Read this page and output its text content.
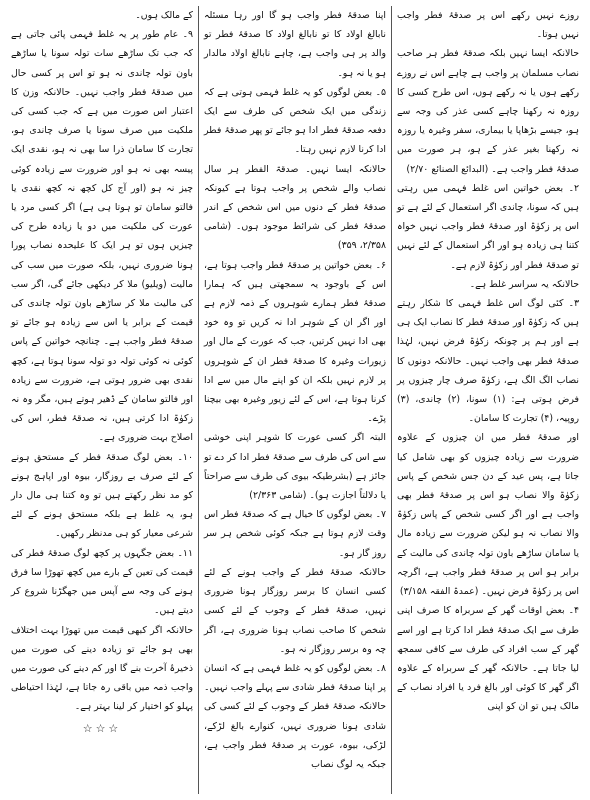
روزے نہیں رکھے اس پر صدقۂ فطر واجب نہیں ہوتا۔

حالانکہ ایسا نہیں بلکہ صدقۂ فطر ہر صاحب نصاب مسلمان پر واجب ہے چاہے اس نے روزے رکھے ہوں یا نہ رکھے ہوں، اس طرح کسی کا روزہ نہ رکھنا چاہے کسی عذر کی وجہ سے ہو، جیسے بڑھاپا یا بیماری، سفر وغیرہ یا روزہ نہ رکھنا بغیر عذر کے ہو، ہر صورت میں صدقۂ فطر واجب ہے۔ (البدائع الصنائع ۲/۷۰)

۲۔ بعض خواتین اس غلط فہمی میں رہتی ہیں کہ سونا، چاندی اگر استعمال کے لئے ہے تو اس پر زکوٰۃ اور صدقۂ فطر واجب نہیں خواہ کتنا ہی زیادہ ہو اور اگر استعمال کے لئے نہیں تو صدقۂ فطر اور زکوٰۃ لازم ہے۔

حالانکہ یہ سراسر غلط ہے۔

۳۔ کئی لوگ اس غلط فہمی کا شکار رہتے ہیں کہ زکوٰۃ اور صدقۂ فطر کا نصاب ایک ہی ہے اور ہم پر چونکہ زکوٰۃ فرض نہیں، لہٰذا صدقۂ فطر بھی واجب نہیں۔ حالانکہ دونوں کا نصاب الگ الگ ہے، زکوٰۃ صرف چار چیزوں پر فرض ہوتی ہے: (۱) سونا، (۲) چاندی، (۳) روپیہ، (۴) تجارت کا سامان۔

اور صدقۂ فطر میں ان چیزوں کے علاوہ ضرورت سے زیادہ چیزوں کو بھی شامل کیا جاتا ہے، پس عید کے دن جس شخص کے پاس زکوٰۃ والا نصاب ہو اس پر صدقۂ فطر بھی واجب ہے اور اگر کسی شخص کے پاس زکوٰۃ والا نصاب نہ ہو لیکن ضرورت سے زیادہ مال یا سامان ساڑھے باون تولہ چاندی کی مالیت کے برابر ہو اس پر صدقۂ فطر واجب ہے، اگرچہ اس پر زکوٰۃ فرض نہیں۔ (عمدۃ الفقہ ۳/۱۵۸)

۴۔ بعض اوقات گھر کے سربراہ کا صرف اپنی طرف سے ایک صدقۂ فطر ادا کرتا ہے اور اسے گھر کے سب افراد کی طرف سے کافی سمجھ لیا جاتا ہے۔ حالانکہ گھر کے سربراہ کے علاوہ اگر گھر کا کوئی اور بالغ فرد یا افراد نصاب کے مالک ہیں تو ان کو اپنی

اپنا صدقۂ فطر واجب ہو گا اور رہا مسئلہ نابالغ اولاد کا تو نابالغ اولاد کا صدقۂ فطر تو والد پر ہی واجب ہے، چاہے نابالغ اولاد مالدار ہو یا نہ ہو۔

۵۔ بعض لوگوں کو یہ غلط فہمی ہوتی ہے کہ زندگی میں ایک شخص کی طرف سے ایک دفعہ صدقۂ فطر ادا ہو جائے تو پھر صدقۂ فطر ادا کرنا لازم نہیں رہتا۔

حالانکہ ایسا نہیں۔ صدقۃ الفطر ہر سال نصاب والے شخص پر واجب ہوتا ہے کیونکہ صدقۂ فطر کے دنوں میں اس شخص کے اندر صدقۂ فطر کی شرائط موجود ہوں۔ (شامی ۲/۳۵۸، ۳۵۹)

۶۔ بعض خواتین پر صدقۂ فطر واجب ہوتا ہے، اس کے باوجود یہ سمجھتی ہیں کہ ہمارا صدقۂ فطر ہمارے شوہروں کے ذمہ لازم ہے اور اگر ان کے شوہر ادا نہ کریں تو وہ خود بھی ادا نہیں کرتیں، جب کہ عورت کے مال اور زیورات وغیرہ کا صدقۂ فطر ان کے شوہروں پر لازم نہیں بلکہ ان کو اپنے مال میں سے ادا کرنا ہوتا ہے، اس کے لئے زیور وغیرہ بھی بیچنا پڑے۔

البتہ اگر کسی عورت کا شوہر اپنی خوشی سے اس کی طرف سے صدقۂ فطر ادا کر دے تو جائز ہے (بشرطیکہ بیوی کی طرف سے صراحتاً یا دلالتاً اجازت ہو)۔ (شامی ۲/۳۶۳)

۷۔ بعض لوگوں کا خیال ہے کہ صدقۂ فطر اس وقت لازم ہوتا ہے جبکہ کوئی شخص ہر سر روز گار ہو۔

حالانکہ صدقۂ فطر کے واجب ہونے کے لئے کسی انسان کا برسر روزگار ہونا ضروری نہیں، صدقۂ فطر کے وجوب کے لئے کسی شخص کا صاحب نصاب ہونا ضروری ہے، اگر چہ وہ برسر روزگار نہ ہو۔

۸۔ بعض لوگوں کو یہ غلط فہمی ہے کہ انسان پر اپنا صدقۂ فطر شادی سے پہلے واجب نہیں۔ حالانکہ صدقۂ فطر کے وجوب کے لئے کسی کی شادی ہونا ضروری نہیں، کنوارے بالغ لڑکے، لڑکی، بیوہ، عورت پر صدقۂ فطر واجب ہے، جبکہ یہ لوگ نصاب

کے مالک ہوں۔

۹۔ عام طور پر یہ غلط فہمی پائی جاتی ہے کہ جب تک ساڑھے سات تولہ سونا یا ساڑھے باون تولہ چاندی نہ ہو تو اس پر کسی حال میں صدقۂ فطر واجب نہیں۔ حالانکہ وزن کا اعتبار اس صورت میں ہے کہ جب کسی کی ملکیت میں صرف سونا یا صرف چاندی ہو، تجارت کا سامان ذرا سا بھی نہ ہو، نقدی ایک پیسہ بھی نہ ہو اور ضرورت سے زیادہ کوئی چیز نہ ہو (اور آج کل کچھ نہ کچھ نقدی یا فالتو سامان تو ہوتا ہی ہے) اگر کسی مرد یا عورت کی ملکیت میں دو یا زیادہ طرح کی چیزیں ہوں تو ہر ایک کا علیحدہ نصاب پورا ہونا ضروری نہیں، بلکہ صورت میں سب کی مالیت (ویلیو) ملا کر دیکھی جائے گی، اگر سب کی مالیت ملا کر ساڑھے باون تولہ چاندی کی قیمت کے برابر یا اس سے زیادہ ہو جائے تو صدقۂ فطر واجب ہے۔ چنانچہ خواتین کے پاس کوئی نہ کوئی تولہ دو تولہ سونا ہوتا ہے، کچھ نقدی بھی ضرور ہوتی ہے، ضرورت سے زیادہ اور فالتو سامان کے ڈھیر ہوتے ہیں، مگر وہ نہ زکوٰۃ ادا کرتی ہیں، نہ صدقۂ فطر، اس کی اصلاح بہت ضروری ہے۔

۱۰۔ بعض لوگ صدقۂ فطر کے مستحق ہونے کے لئے صرف بے روزگار، بیوہ اور اپاہج ہونے کو مد نظر رکھتے ہیں تو وہ کتنا ہی مال دار ہو، یہ غلط ہے بلکہ مستحق ہونے کے لئے شرعی معیار کو ہی مدنظر رکھیں۔

۱۱۔ بعض جگہوں پر کچھ لوگ صدقۂ فطر کی قیمت کی تعین کے بارے میں کچھ تھوڑا سا فرق ہونے کی وجہ سے آپس میں جھگڑنا شروع کر دیتے ہیں۔

حالانکہ اگر کبھی قیمت میں تھوڑا بہت اختلاف بھی ہو جائے تو زیادہ دینے کی صورت میں ذخیرۂ آخرت بنے گا اور کم دینے کی صورت میں واجب ذمہ میں باقی رہ جاتا ہے، لہٰذا احتیاطی پہلو کو اختیار کر لینا بہتر ہے۔

☆☆☆
